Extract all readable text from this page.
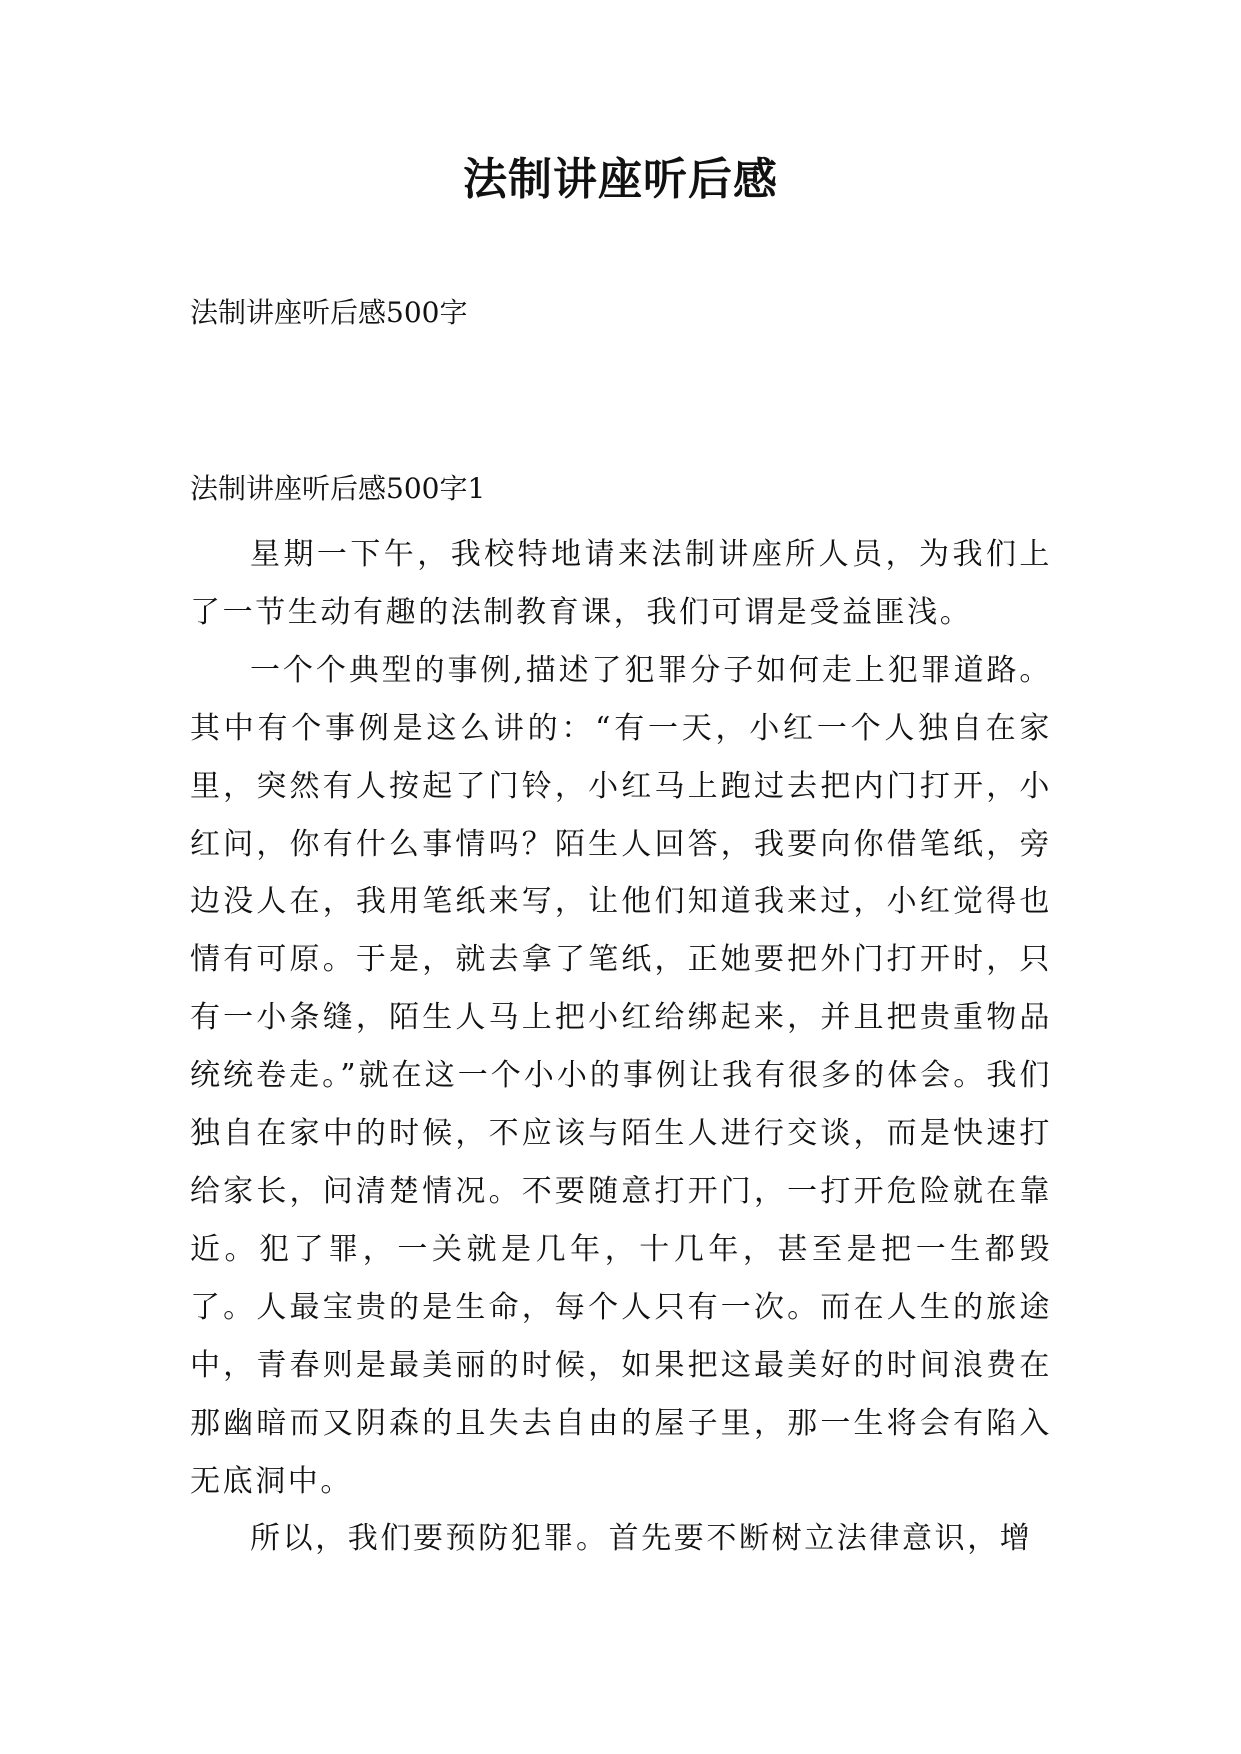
法制讲座听后感
法制讲座听后感500字
法制讲座听后感500字1

星期一下午，我校特地请来法制讲座所人员，为我们上了一节生动有趣的法制教育课，我们可谓是受益匪浅。

一个个典型的事例,描述了犯罪分子如何走上犯罪道路。其中有个事例是这么讲的：“有一天，小红一个人独自在家里，突然有人按起了门铃，小红马上跑过去把内门打开，小红问，你有什么事情吗？陌生人回答，我要向你借笔纸，旁边没人在，我用笔纸来写，让他们知道我来过，小红觉得也情有可原。于是，就去拿了笔纸，正她要把外门打开时，只有一小条缝，陌生人马上把小红给绑起来，并且把贵重物品统统卷走。”就在这一个小小的事例让我有很多的体会。我们独自在家中的时候，不应该与陌生人进行交谈，而是快速打给家长，问清楚情况。不要随意打开门，一打开危险就在靠近。犯了罪，一关就是几年，十几年，甚至是把一生都毁了。人最宝贵的是生命，每个人只有一次。而在人生的旅途中，青春则是最美丽的时候，如果把这最美好的时间浪费在那幽暗而又阴森的且失去自由的屋子里，那一生将会有陷入无底洞中。

所以，我们要预防犯罪。首先要不断树立法律意识，增
